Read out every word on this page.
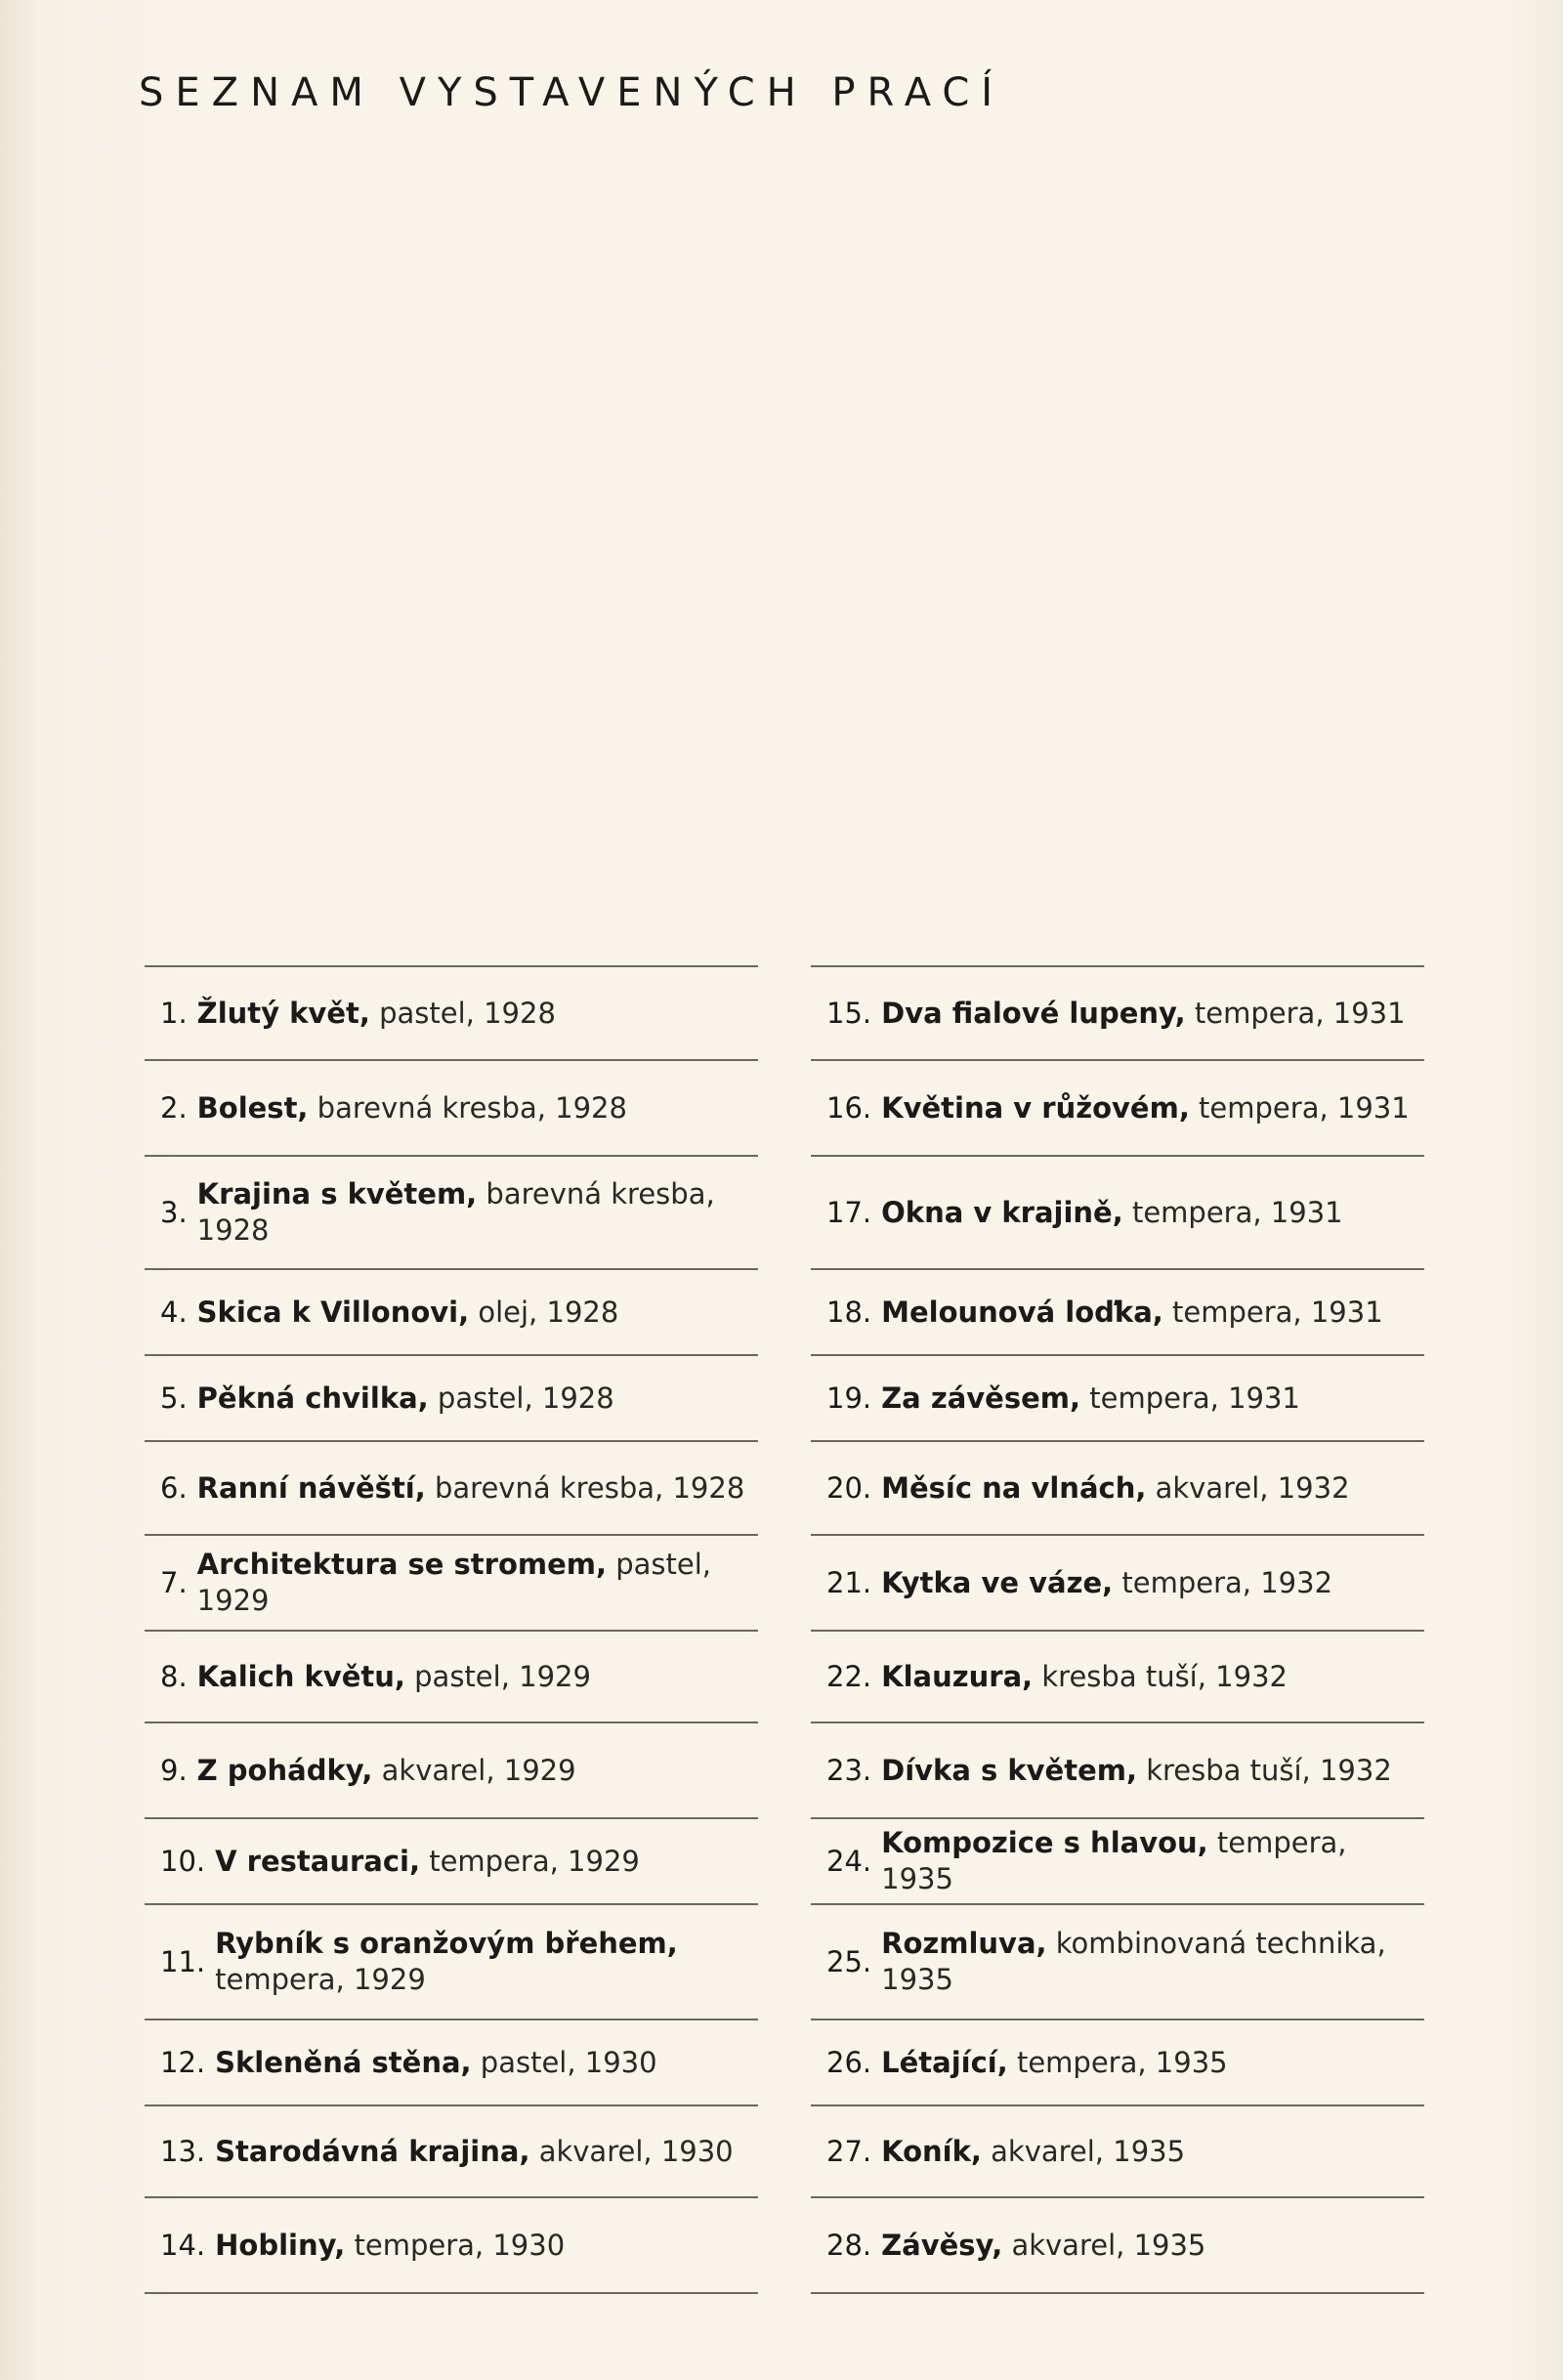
SEZNAM VYSTAVENÝCH PRACÍ
1. Žlutý květ, pastel, 1928
2. Bolest, barevná kresba, 1928
3.
Krajina s květem, barevná kresba, 1928
4. Skica k Villonovi, olej, 1928
5. Pěkná chvilka, pastel, 1928
6. Ranní návěští, barevná kresba, 1928
7.
Architektura se stromem, pastel, 1929
8. Kalich květu, pastel, 1929
9. Z pohádky, akvarel, 1929
10. V restauraci, tempera, 1929
11.
Rybník s oranžovým břehem, tempera, 1929
12. Skleněná stěna, pastel, 1930
13. Starodávná krajina, akvarel, 1930
14. Hobliny, tempera, 1930
15. Dva fialové lupeny, tempera, 1931
16. Květina v růžovém, tempera, 1931
17. Okna v krajině, tempera, 1931
18. Melounová loďka, tempera, 1931
19. Za závěsem, tempera, 1931
20. Měsíc na vlnách, akvarel, 1932
21. Kytka ve váze, tempera, 1932
22. Klauzura, kresba tuší, 1932
23. Dívka s květem, kresba tuší, 1932
24.
Kompozice s hlavou, tempera, 1935
25.
Rozmluva, kombinovaná technika, 1935
26. Létající, tempera, 1935
27. Koník, akvarel, 1935
28. Závěsy, akvarel, 1935
